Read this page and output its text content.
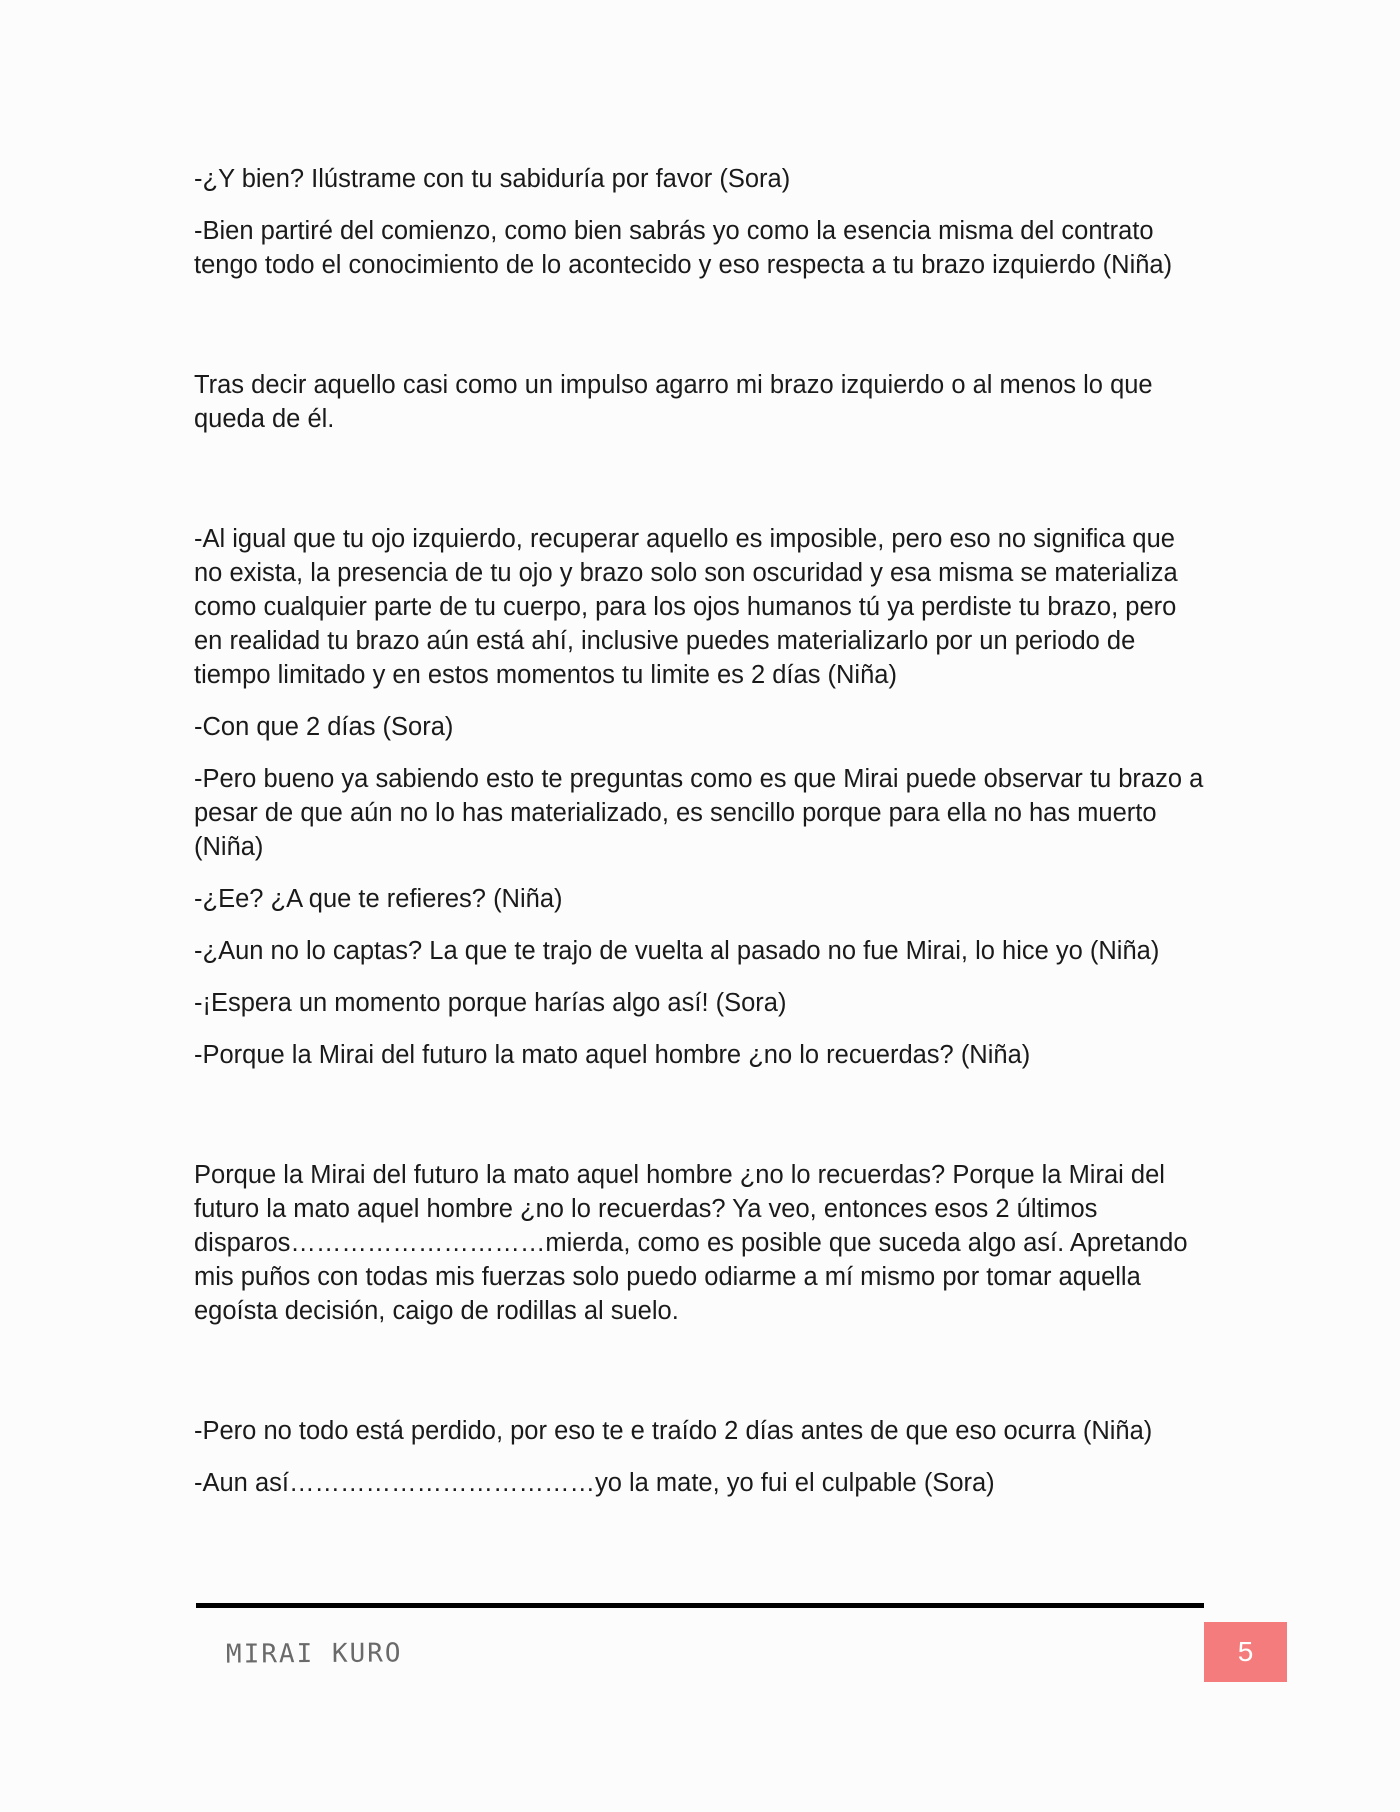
-¿Y bien? Ilústrame con tu sabiduría por favor (Sora)

-Bien partiré del comienzo, como bien sabrás yo como la esencia misma del contrato tengo todo el conocimiento de lo acontecido y eso respecta a tu brazo izquierdo (Niña)

Tras decir aquello casi como un impulso agarro mi brazo izquierdo o al menos lo que queda de él.

-Al igual que tu ojo izquierdo, recuperar aquello es imposible, pero eso no significa que no exista, la presencia de tu ojo y brazo solo son oscuridad y esa misma se materializa como cualquier parte de tu cuerpo, para los ojos humanos tú ya perdiste tu brazo, pero en realidad tu brazo aún está ahí, inclusive puedes materializarlo por un periodo de tiempo limitado y en estos momentos tu limite es 2 días (Niña)

-Con que 2 días (Sora)

-Pero bueno ya sabiendo esto te preguntas como es que Mirai puede observar tu brazo a pesar de que aún no lo has materializado, es sencillo porque para ella no has muerto (Niña)

-¿Ee? ¿A que te refieres? (Niña)

-¿Aun no lo captas? La que te trajo de vuelta al pasado no fue Mirai, lo hice yo (Niña)

-¡Espera un momento porque harías algo así! (Sora)

-Porque la Mirai del futuro la mato aquel hombre ¿no lo recuerdas? (Niña)

Porque la Mirai del futuro la mato aquel hombre ¿no lo recuerdas? Porque la Mirai del futuro la mato aquel hombre ¿no lo recuerdas? Ya veo, entonces esos 2 últimos disparos…………………………mierda, como es posible que suceda algo así. Apretando mis puños con todas mis fuerzas solo puedo odiarme a mí mismo por tomar aquella egoísta decisión, caigo de rodillas al suelo.

-Pero no todo está perdido, por eso te e traído 2 días antes de que eso ocurra (Niña)

-Aun así………………………………yo la mate, yo fui el culpable (Sora)

MIRAI KURO	5
